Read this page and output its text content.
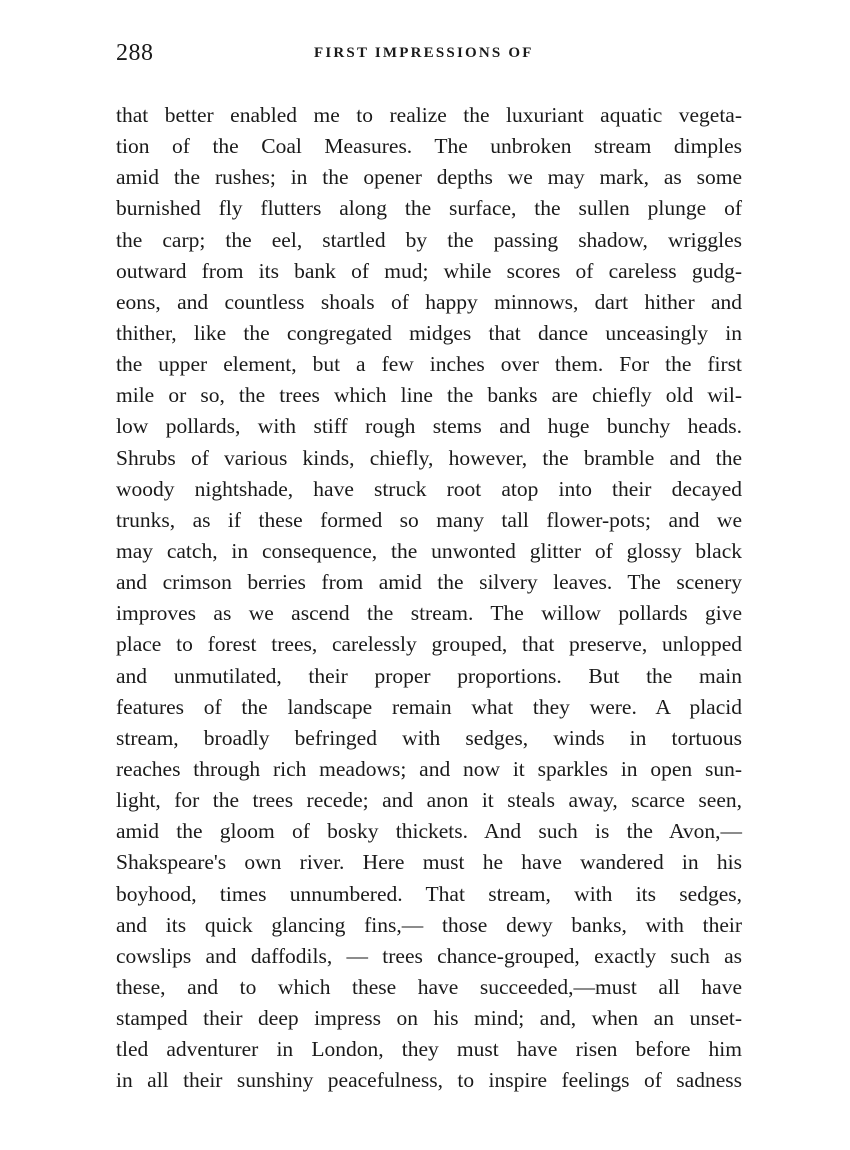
288	FIRST IMPRESSIONS OF
that better enabled me to realize the luxuriant aquatic vegeta-
tion of the Coal Measures. The unbroken stream dimples
amid the rushes; in the opener depths we may mark, as some
burnished fly flutters along the surface, the sullen plunge of
the carp; the eel, startled by the passing shadow, wriggles
outward from its bank of mud; while scores of careless gudg-
eons, and countless shoals of happy minnows, dart hither and
thither, like the congregated midges that dance unceasingly in
the upper element, but a few inches over them. For the first
mile or so, the trees which line the banks are chiefly old wil-
low pollards, with stiff rough stems and huge bunchy heads.
Shrubs of various kinds, chiefly, however, the bramble and the
woody nightshade, have struck root atop into their decayed
trunks, as if these formed so many tall flower-pots; and we
may catch, in consequence, the unwonted glitter of glossy black
and crimson berries from amid the silvery leaves. The scenery
improves as we ascend the stream. The willow pollards give
place to forest trees, carelessly grouped, that preserve, unlopped
and unmutilated, their proper proportions. But the main
features of the landscape remain what they were. A placid
stream, broadly befringed with sedges, winds in tortuous
reaches through rich meadows; and now it sparkles in open sun-
light, for the trees recede; and anon it steals away, scarce seen,
amid the gloom of bosky thickets. And such is the Avon,—
Shakspeare's own river. Here must he have wandered in his
boyhood, times unnumbered. That stream, with its sedges,
and its quick glancing fins,— those dewy banks, with their
cowslips and daffodils, — trees chance-grouped, exactly such as
these, and to which these have succeeded,—must all have
stamped their deep impress on his mind; and, when an unset-
tled adventurer in London, they must have risen before him
in all their sunshiny peacefulness, to inspire feelings of sadness
